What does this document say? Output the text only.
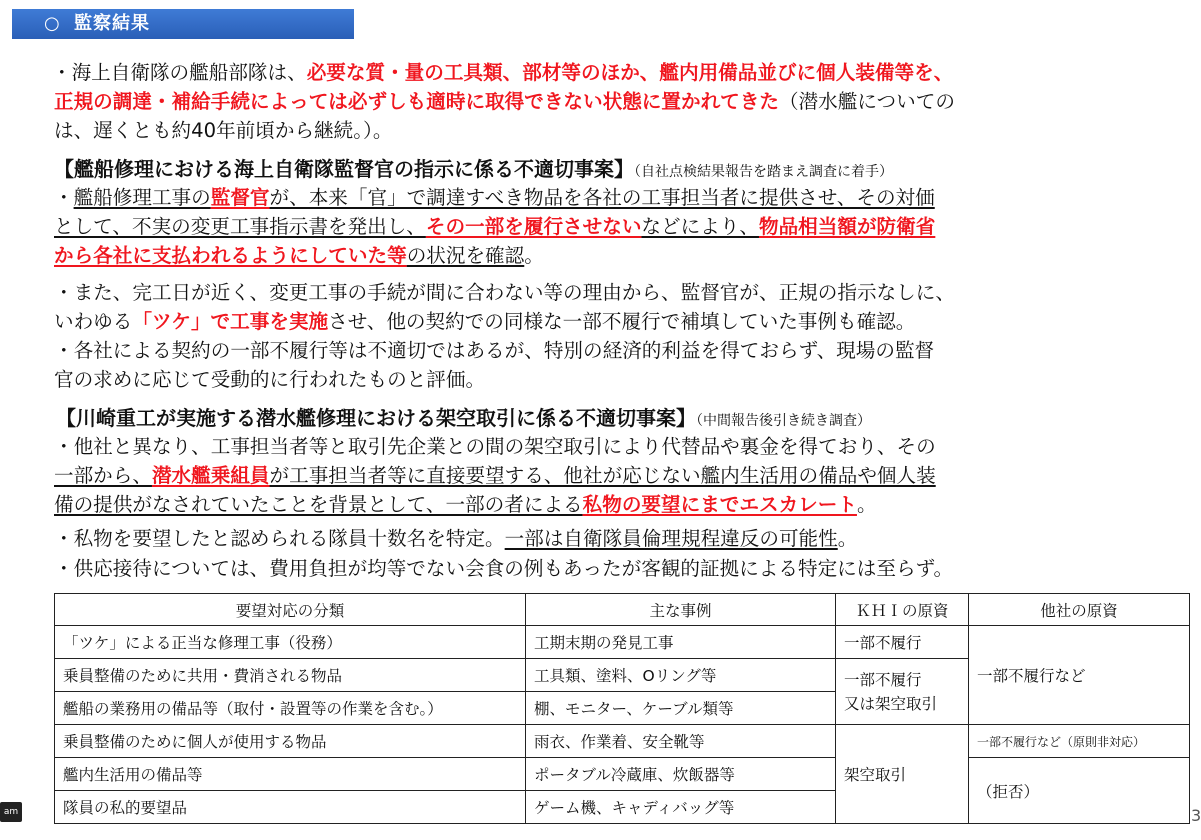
○ 監察結果
・海上自衛隊の艦船部隊は、必要な質・量の工具類、部材等のほか、艦内用備品並びに個人装備等を、
正規の調達・補給手続によっては必ずしも適時に取得できない状態に置かれてきた（潜水艦についての
は、遅くとも約40年前頃から継続。）。
【艦船修理における海上自衛隊監督官の指示に係る不適切事案】（自社点検結果報告を踏まえ調査に着手）
・艦船修理工事の監督官が、本来「官」で調達すべき物品を各社の工事担当者に提供させ、その対価
として、不実の変更工事指示書を発出し、その一部を履行させないなどにより、物品相当額が防衛省
から各社に支払われるようにしていた等の状況を確認。
・また、完工日が近く、変更工事の手続が間に合わない等の理由から、監督官が、正規の指示なしに、
いわゆる「ツケ」で工事を実施させ、他の契約での同様な一部不履行で補填していた事例も確認。
・各社による契約の一部不履行等は不適切ではあるが、特別の経済的利益を得ておらず、現場の監督
官の求めに応じて受動的に行われたものと評価。
【川崎重工が実施する潜水艦修理における架空取引に係る不適切事案】（中間報告後引き続き調査）
・他社と異なり、工事担当者等と取引先企業との間の架空取引により代替品や裏金を得ており、その
一部から、潜水艦乗組員が工事担当者等に直接要望する、他社が応じない艦内生活用の備品や個人装
備の提供がなされていたことを背景として、一部の者による私物の要望にまでエスカレート。
・私物を要望したと認められる隊員十数名を特定。一部は自衛隊員倫理規程違反の可能性。
・供応接待については、費用負担が均等でない会食の例もあったが客観的証拠による特定には至らず。
要望対応の分類	主な事例	ＫＨＩの原資	他社の原資
「ツケ」による正当な修理工事（役務）	工期末期の発見工事	一部不履行	一部不履行など
乗員整備のために共用・費消される物品	工具類、塗料、Oリング等	一部不履行
又は架空取引	
艦船の業務用の備品等（取付・設置等の作業を含む。）	棚、モニター、ケーブル類等		
乗員整備のために個人が使用する物品	雨衣、作業着、安全靴等	架空取引	一部不履行など（原則非対応）
艦内生活用の備品等	ポータブル冷蔵庫、炊飯器等		（拒否）
隊員の私的要望品	ゲーム機、キャディバッグ等		
am	3
